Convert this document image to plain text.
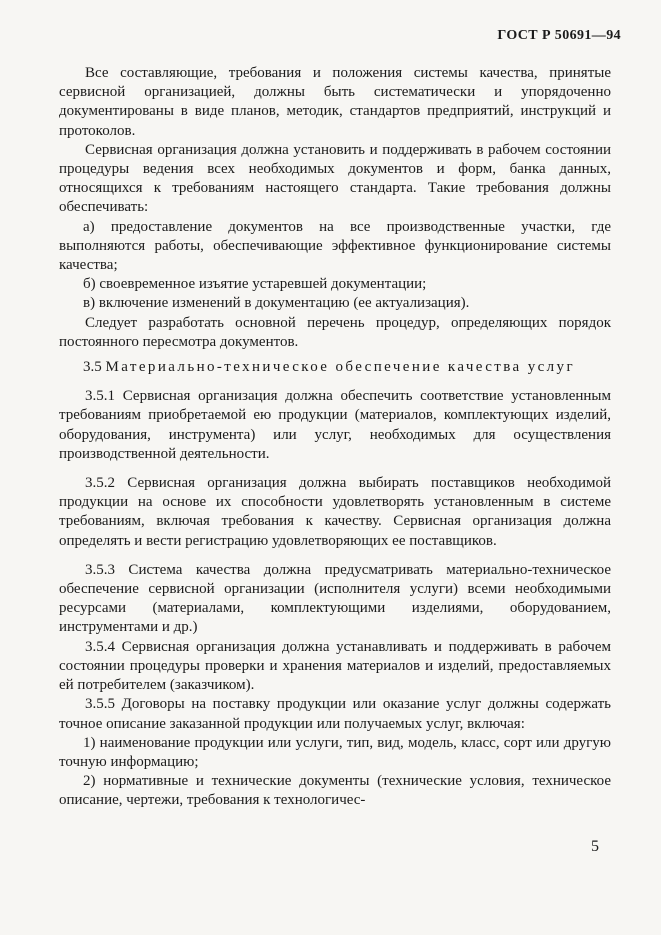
ГОСТ Р 50691—94

Все составляющие, требования и положения системы качества, принятые сервисной организацией, должны быть систематически и упорядоченно документированы в виде планов, методик, стандартов предприятий, инструкций и протоколов.

Сервисная организация должна установить и поддерживать в рабочем состоянии процедуры ведения всех необходимых документов и форм, банка данных, относящихся к требованиям настоящего стандарта. Такие требования должны обеспечивать:

а) предоставление документов на все производственные участки, где выполняются работы, обеспечивающие эффективное функционирование системы качества;

б) своевременное изъятие устаревшей документации;

в) включение изменений в документацию (ее актуализация).

Следует разработать основной перечень процедур, определяющих порядок постоянного пересмотра документов.

3.5 Материально-техническое обеспечение качества услуг

3.5.1 Сервисная организация должна обеспечить соответствие установленным требованиям приобретаемой ею продукции (материалов, комплектующих изделий, оборудования, инструмента) или услуг, необходимых для осуществления производственной деятельности.

3.5.2 Сервисная организация должна выбирать поставщиков необходимой продукции на основе их способности удовлетворять установленным в системе требованиям, включая требования к качеству. Сервисная организация должна определять и вести регистрацию удовлетворяющих ее поставщиков.

3.5.3 Система качества должна предусматривать материально-техническое обеспечение сервисной организации (исполнителя услуги) всеми необходимыми ресурсами (материалами, комплектующими изделиями, оборудованием, инструментами и др.)

3.5.4 Сервисная организация должна устанавливать и поддерживать в рабочем состоянии процедуры проверки и хранения материалов и изделий, предоставляемых ей потребителем (заказчиком).

3.5.5 Договоры на поставку продукции или оказание услуг должны содержать точное описание заказанной продукции или получаемых услуг, включая:

1) наименование продукции или услуги, тип, вид, модель, класс, сорт или другую точную информацию;

2) нормативные и технические документы (технические условия, техническое описание, чертежи, требования к технологичес-

5
